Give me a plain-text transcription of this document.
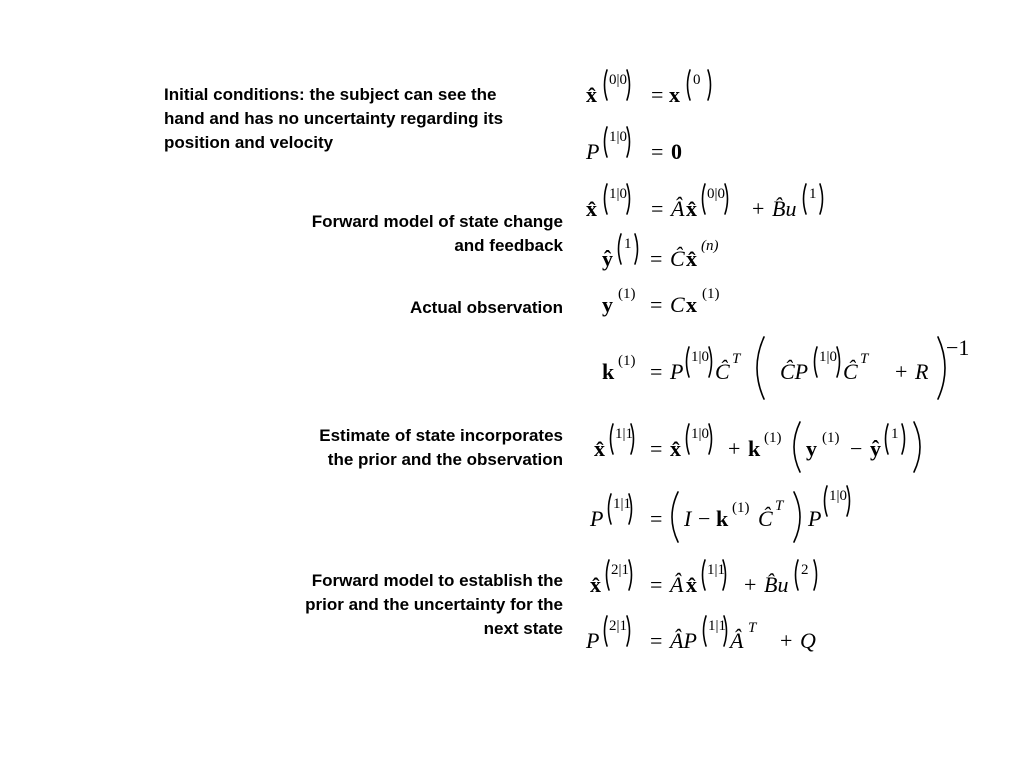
Initial conditions: the subject can see the
hand and has no uncertainty regarding its
position and velocity
Forward model of state change
and feedback
Actual observation
Estimate of state incorporates
the prior and the observation
Forward model to establish the
prior and the uncertainty for the
next state
x̂
0|0
= x
0
P
1|0
= 0
x̂
1|0
= Â x̂
0|0
+ B̂u
1
ŷ
1
= Ĉ x̂ (n)
y (1) = C x (1)
k (1) = P
1|0
Ĉ T ĈP
1|0
Ĉ T + R
−1
x̂
1|1
= x̂
1|0
+ k (1) y (1) − ŷ
1
P
1|1
= I − k (1) Ĉ T P
1|0
x̂
2|1
= Â x̂
1|1
+ B̂u
2
P
2|1
= ÂP
1|1
Â T + Q
